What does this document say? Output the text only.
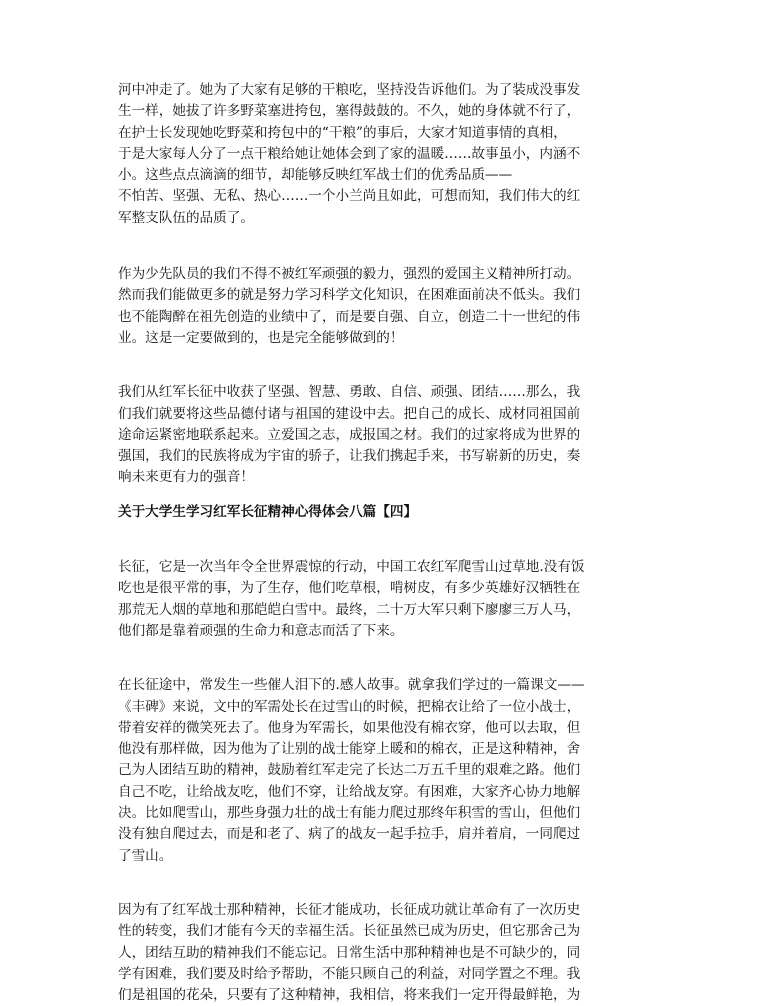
河中冲走了。她为了大家有足够的干粮吃，坚持没告诉他们。为了装成没事发
生一样，她拔了许多野菜塞进挎包，塞得鼓鼓的。不久，她的身体就不行了，
在护士长发现她吃野菜和挎包中的“干粮”的事后，大家才知道事情的真相，
于是大家每人分了一点干粮给她让她体会到了家的温暖……故事虽小，内涵不
小。这些点点滴滴的细节，却能够反映红军战士们的优秀品质——
不怕苦、坚强、无私、热心……一个小兰尚且如此，可想而知，我们伟大的红
军整支队伍的品质了。

作为少先队员的我们不得不被红军顽强的毅力，强烈的爱国主义精神所打动。
然而我们能做更多的就是努力学习科学文化知识，在困难面前决不低头。我们
也不能陶醉在祖先创造的业绩中了，而是要自强、自立，创造二十一世纪的伟
业。这是一定要做到的，也是完全能够做到的！

我们从红军长征中收获了坚强、智慧、勇敢、自信、顽强、团结……那么，我
们我们就要将这些品德付诸与祖国的建设中去。把自己的成长、成材同祖国前
途命运紧密地联系起来。立爱国之志，成报国之材。我们的过家将成为世界的
强国，我们的民族将成为宇宙的骄子，让我们携起手来，书写崭新的历史，奏
响未来更有力的强音！

关于大学生学习红军长征精神心得体会八篇【四】

长征，它是一次当年令全世界震惊的行动，中国工农红军爬雪山过草地.没有饭
吃也是很平常的事，为了生存，他们吃草根，啃树皮，有多少英雄好汉牺牲在
那荒无人烟的草地和那皑皑白雪中。最终，二十万大军只剩下廖廖三万人马，
他们都是靠着顽强的生命力和意志而活了下来。

在长征途中，常发生一些催人泪下的.感人故事。就拿我们学过的一篇课文——
《丰碑》来说，文中的军需处长在过雪山的时候，把棉衣让给了一位小战士，
带着安祥的微笑死去了。他身为军需长，如果他没有棉衣穿，他可以去取，但
他没有那样做，因为他为了让别的战士能穿上暖和的棉衣，正是这种精神，舍
己为人团结互助的精神，鼓励着红军走完了长达二万五千里的艰难之路。他们
自己不吃，让给战友吃，他们不穿，让给战友穿。有困难，大家齐心协力地解
决。比如爬雪山，那些身强力壮的战士有能力爬过那终年积雪的雪山，但他们
没有独自爬过去，而是和老了、病了的战友一起手拉手，肩并着肩，一同爬过
了雪山。

因为有了红军战士那种精神，长征才能成功，长征成功就让革命有了一次历史
性的转变，我们才能有今天的幸福生活。长征虽然已成为历史，但它那舍己为
人，团结互助的精神我们不能忘记。日常生活中那种精神也是不可缺少的，同
学有困难，我们要及时给予帮助，不能只顾自己的利益，对同学置之不理。我
们是祖国的花朵，只要有了这种精神，我相信，将来我们一定开得最鲜艳，为
